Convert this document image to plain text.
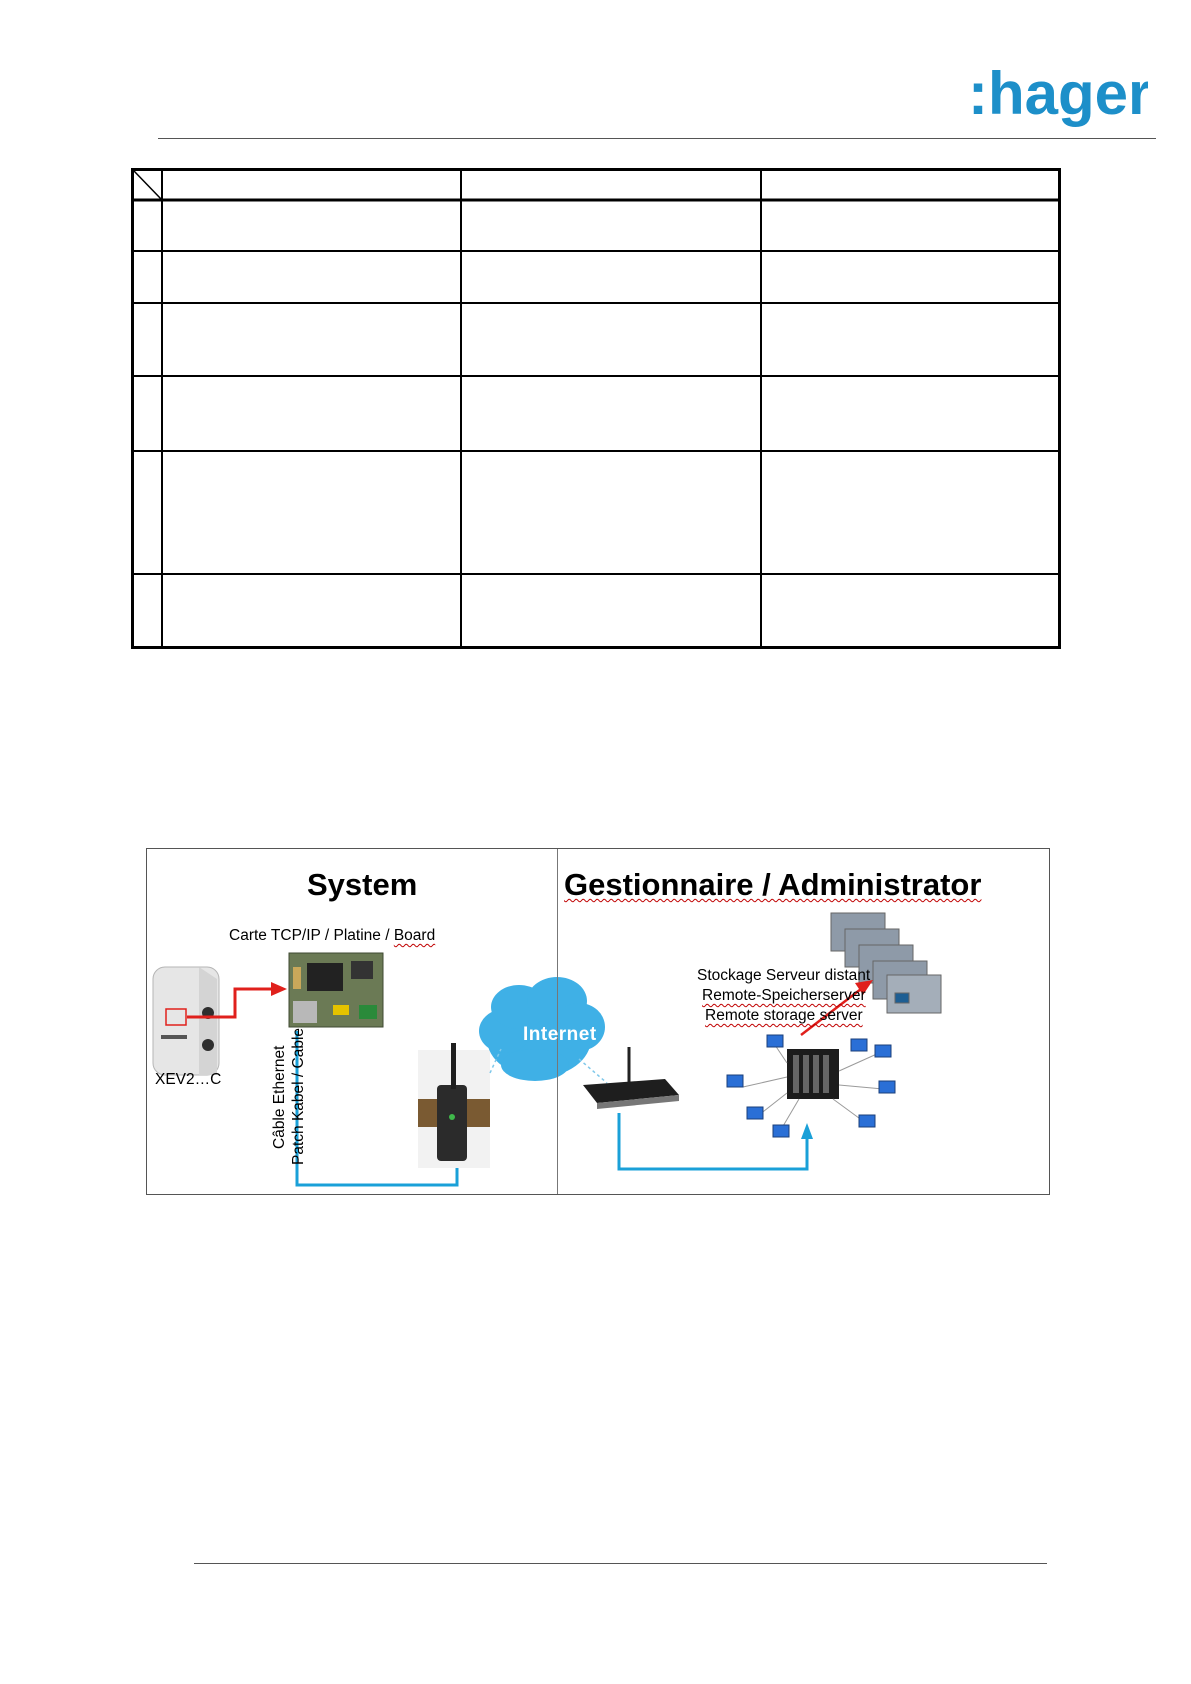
:hager
System	Gestionnaire / Administrator
Carte TCP/IP / Platine / Board
XEV2…C	Câble Ethernet Patch Kabel / Cable	Internet
Stockage Serveur distant
Remote-Speicherserver
Remote storage server
